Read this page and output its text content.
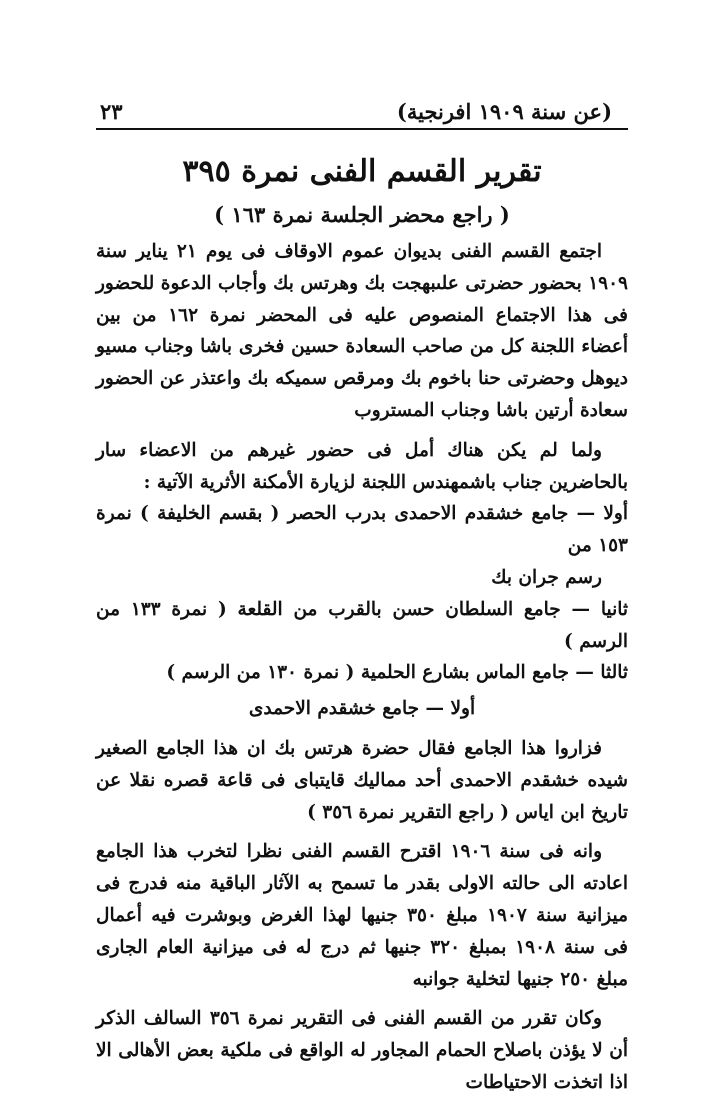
٢٣	(عن سنة ١٩٠٩ افرنجية)
تقرير القسم الفنى نمرة ٣٩٥
( راجع محضر الجلسة نمرة ١٦٣ )

اجتمع القسم الفنى بديوان عموم الاوقاف فى يوم ٢١ يناير سنة ١٩٠٩ بحضور حضرتى علىبهجت بك وهرتس بك وأجاب الدعوة للحضور فى هذا الاجتماع المنصوص عليه فى المحضر نمرة ١٦٢ من بين أعضاء اللجنة كل من صاحب السعادة حسين فخرى باشا وجناب مسيو ديوهل وحضرتى حنا باخوم بك ومرقص سميكه بك واعتذر عن الحضور سعادة أرتين باشا وجناب المستروب

ولما لم يكن هناك أمل فى حضور غيرهم من الاعضاء سار بالحاضرين جناب باشمهندس اللجنة لزيارة الأمكنة الأثرية الآتية :

أولا — جامع خشقدم الاحمدى بدرب الحصر ( بقسم الخليفة ) نمرة ١٥٣ من

رسم جران بك

ثانيا — جامع السلطان حسن بالقرب من القلعة ( نمرة ١٣٣ من الرسم )

ثالثا — جامع الماس بشارع الحلمية ( نمرة ١٣٠ من الرسم )

أولا — جامع خشقدم الاحمدى

فزاروا هذا الجامع فقال حضرة هرتس بك ان هذا الجامع الصغير شيده خشقدم الاحمدى أحد مماليك قايتباى فى قاعة قصره نقلا عن تاريخ ابن اياس ( راجع التقرير نمرة ٣٥٦ )

وانه فى سنة ١٩٠٦ اقترح القسم الفنى نظرا لتخرب هذا الجامع اعادته الى حالته الاولى بقدر ما تسمح به الآثار الباقية منه فدرج فى ميزانية سنة ١٩٠٧ مبلغ ٣٥٠ جنيها لهذا الغرض وبوشرت فيه أعمال فى سنة ١٩٠٨ بمبلغ ٣٢٠ جنيها ثم درج له فى ميزانية العام الجارى مبلغ ٢٥٠ جنيها لتخلية جوانبه

وكان تقرر من القسم الفنى فى التقرير نمرة ٣٥٦ السالف الذكر أن لا يؤذن باصلاح الحمام المجاور له الواقع فى ملكية بعض الأهالى الا اذا اتخذت الاحتياطات
